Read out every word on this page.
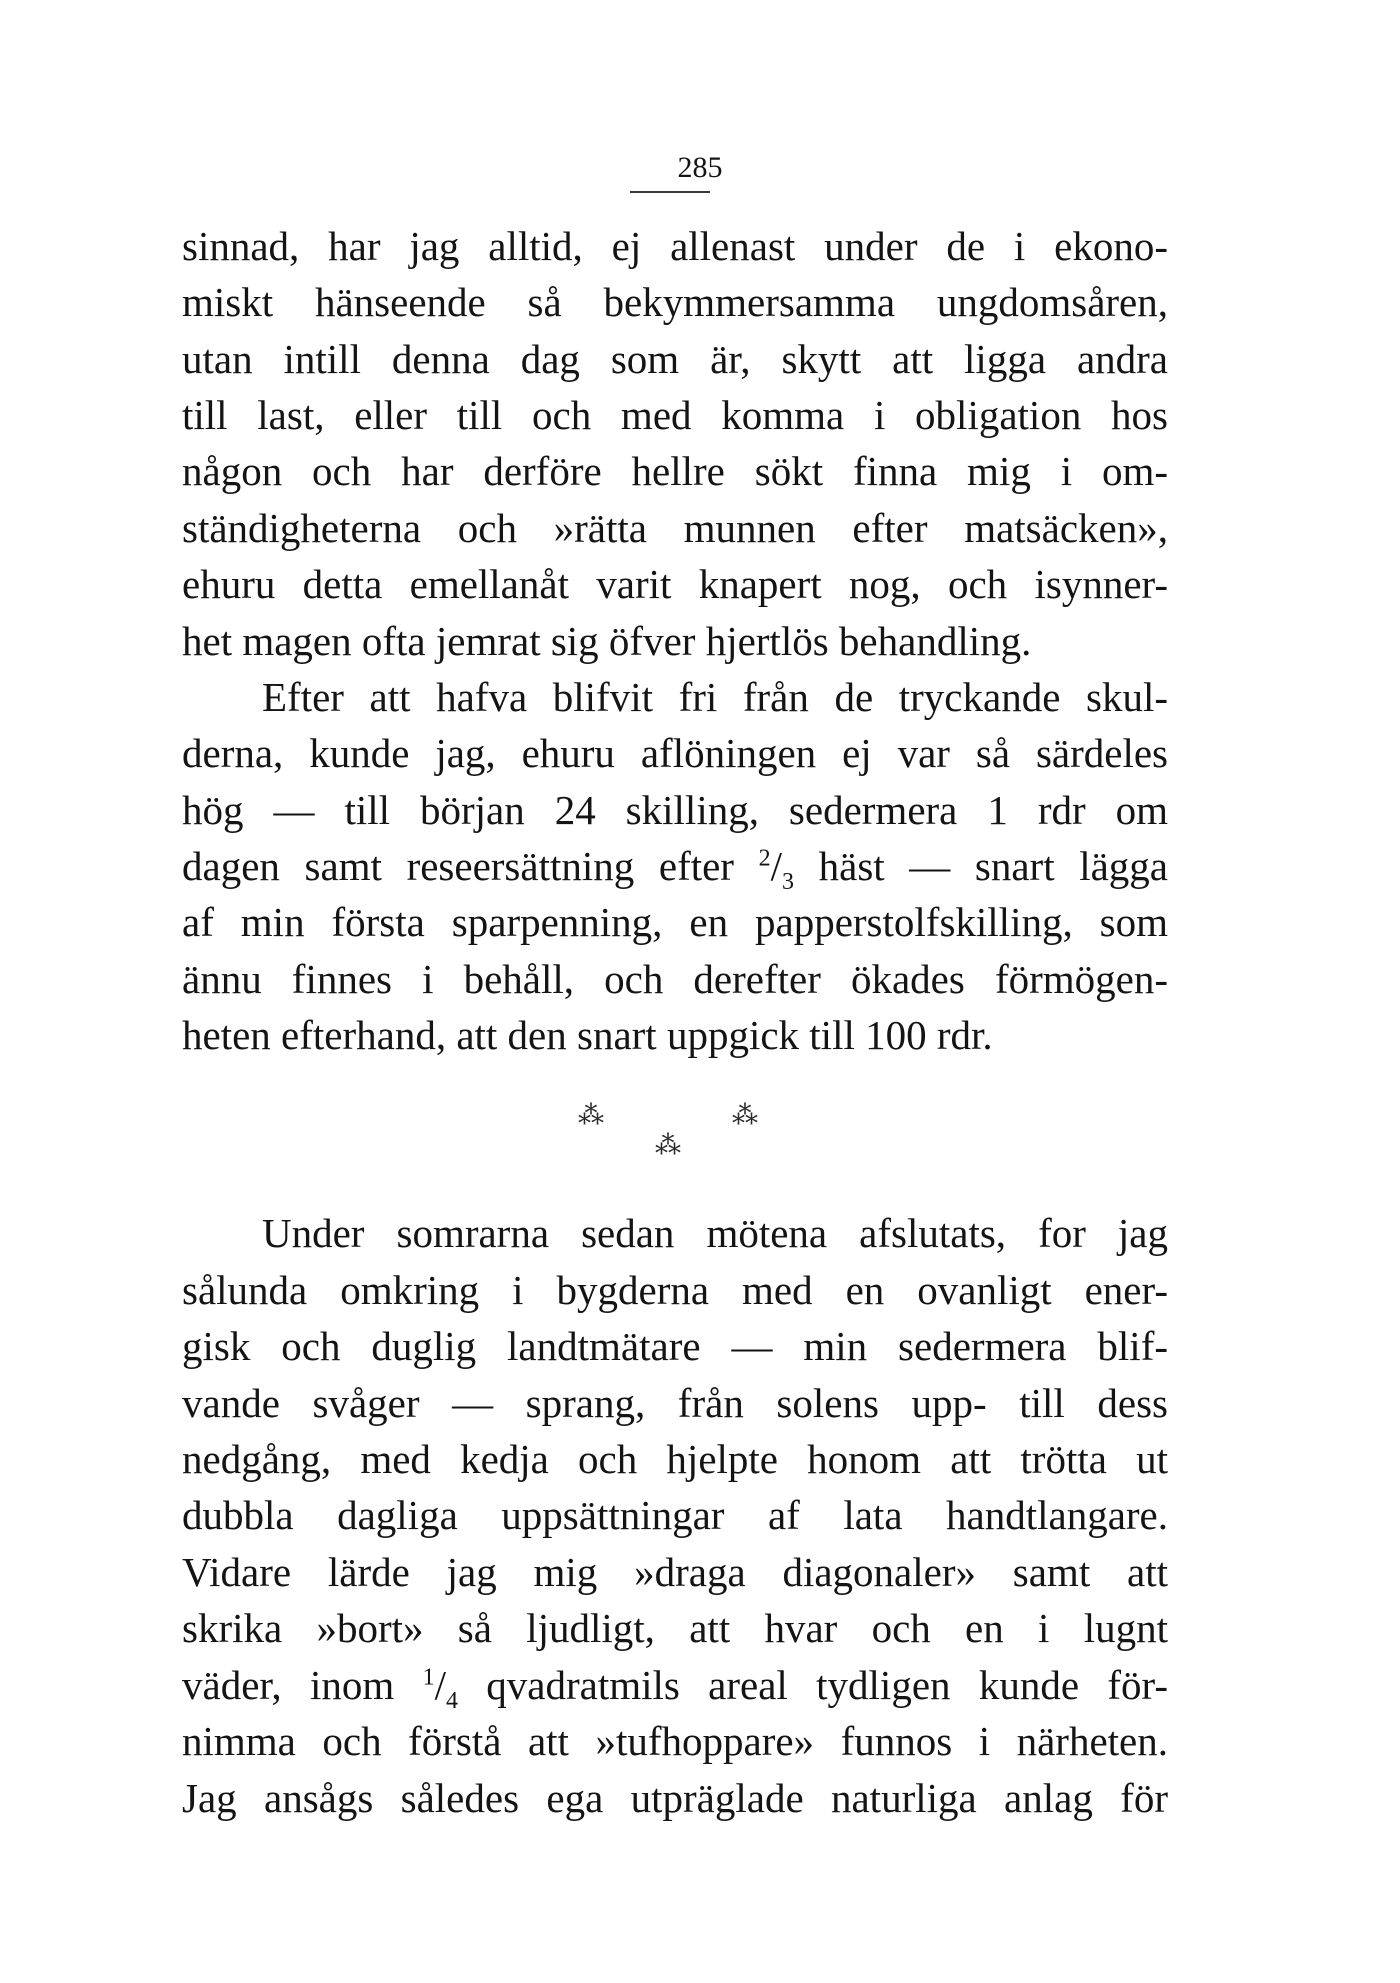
285
sinnad, har jag alltid, ej allenast under de i ekono-
miskt hänseende så bekymmersamma ungdomsåren,
utan intill denna dag som är, skytt att ligga andra
till last, eller till och med komma i obligation hos
någon och har derföre hellre sökt finna mig i om-
ständigheterna och »rätta munnen efter matsäcken»,
ehuru detta emellanåt varit knapert nog, och isynner-
het magen ofta jemrat sig öfver hjertlös behandling.
Efter att hafva blifvit fri från de tryckande skul-
derna, kunde jag, ehuru aflöningen ej var så särdeles
hög — till början 24 skilling, sedermera 1 rdr om
dagen samt reseersättning efter $^2/_3$ häst — snart lägga
af min första sparpenning, en papperstolfskilling, som
ännu finnes i behåll, och derefter ökades förmögen-
heten efterhand, att den snart uppgick till 100 rdr.
⁂	⁂
⁂
Under somrarna sedan mötena afslutats, for jag
sålunda omkring i bygderna med en ovanligt ener-
gisk och duglig landtmätare — min sedermera blif-
vande svåger — sprang, från solens upp- till dess
nedgång, med kedja och hjelpte honom att trötta ut
dubbla dagliga uppsättningar af lata handtlangare.
Vidare lärde jag mig »draga diagonaler» samt att
skrika »bort» så ljudligt, att hvar och en i lugnt
väder, inom $^1/_4$ qvadratmils areal tydligen kunde för-
nimma och förstå att »tufhoppare» funnos i närheten.
Jag ansågs således ega utpräglade naturliga anlag för
